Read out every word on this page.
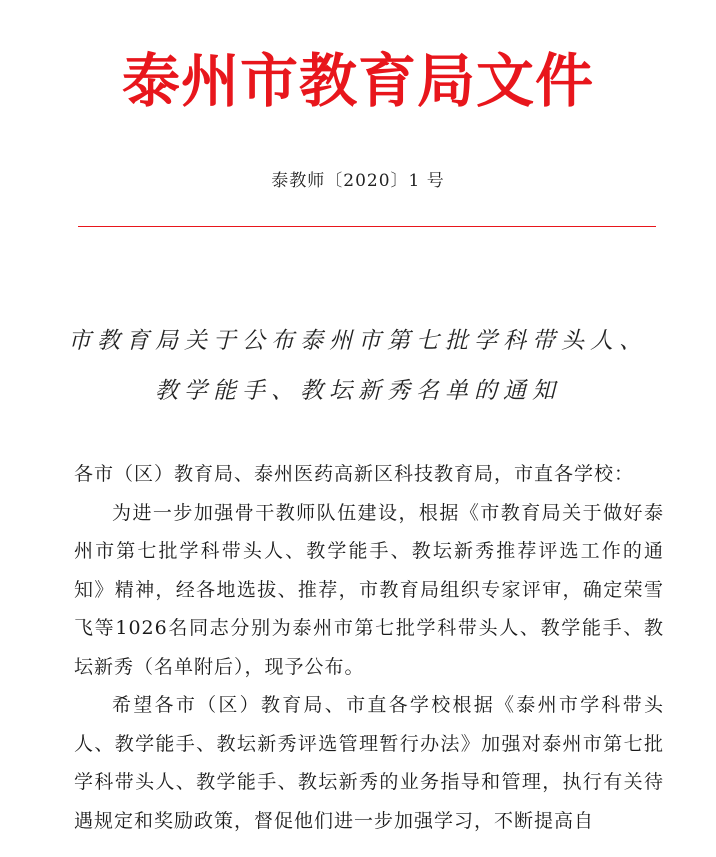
泰州市教育局文件
泰教师〔2020〕1 号
市教育局关于公布泰州市第七批学科带头人、
教学能手、教坛新秀名单的通知

各市（区）教育局、泰州医药高新区科技教育局，市直各学校：

为进一步加强骨干教师队伍建设，根据《市教育局关于做好泰州市第七批学科带头人、教学能手、教坛新秀推荐评选工作的通知》精神，经各地选拔、推荐，市教育局组织专家评审，确定荣雪飞等1026名同志分别为泰州市第七批学科带头人、教学能手、教坛新秀（名单附后），现予公布。

希望各市（区）教育局、市直各学校根据《泰州市学科带头人、教学能手、教坛新秀评选管理暂行办法》加强对泰州市第七批学科带头人、教学能手、教坛新秀的业务指导和管理，执行有关待遇规定和奖励政策，督促他们进一步加强学习，不断提高自
